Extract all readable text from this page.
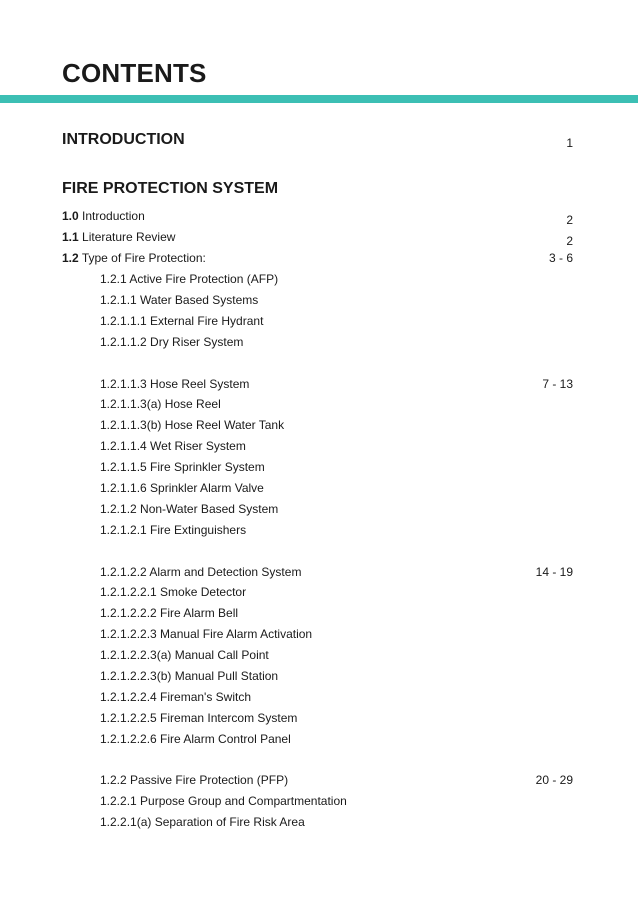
CONTENTS
INTRODUCTION	1
FIRE PROTECTION SYSTEM
1.0 Introduction	2
1.1 Literature Review	2
1.2 Type of Fire Protection:	3 - 6
1.2.1 Active Fire Protection (AFP)
1.2.1.1 Water Based Systems
1.2.1.1.1 External Fire Hydrant
1.2.1.1.2 Dry Riser System
1.2.1.1.3 Hose Reel System	7 - 13
1.2.1.1.3(a) Hose Reel
1.2.1.1.3(b) Hose Reel Water Tank
1.2.1.1.4 Wet Riser System
1.2.1.1.5 Fire Sprinkler System
1.2.1.1.6 Sprinkler Alarm Valve
1.2.1.2 Non-Water Based System
1.2.1.2.1 Fire Extinguishers
1.2.1.2.2 Alarm and Detection System	14 - 19
1.2.1.2.2.1 Smoke Detector
1.2.1.2.2.2 Fire Alarm Bell
1.2.1.2.2.3 Manual Fire Alarm Activation
1.2.1.2.2.3(a) Manual Call Point
1.2.1.2.2.3(b) Manual Pull Station
1.2.1.2.2.4 Fireman's Switch
1.2.1.2.2.5 Fireman Intercom System
1.2.1.2.2.6 Fire Alarm Control Panel
1.2.2 Passive Fire Protection (PFP)	20 - 29
1.2.2.1 Purpose Group and Compartmentation
1.2.2.1(a) Separation of Fire Risk Area
